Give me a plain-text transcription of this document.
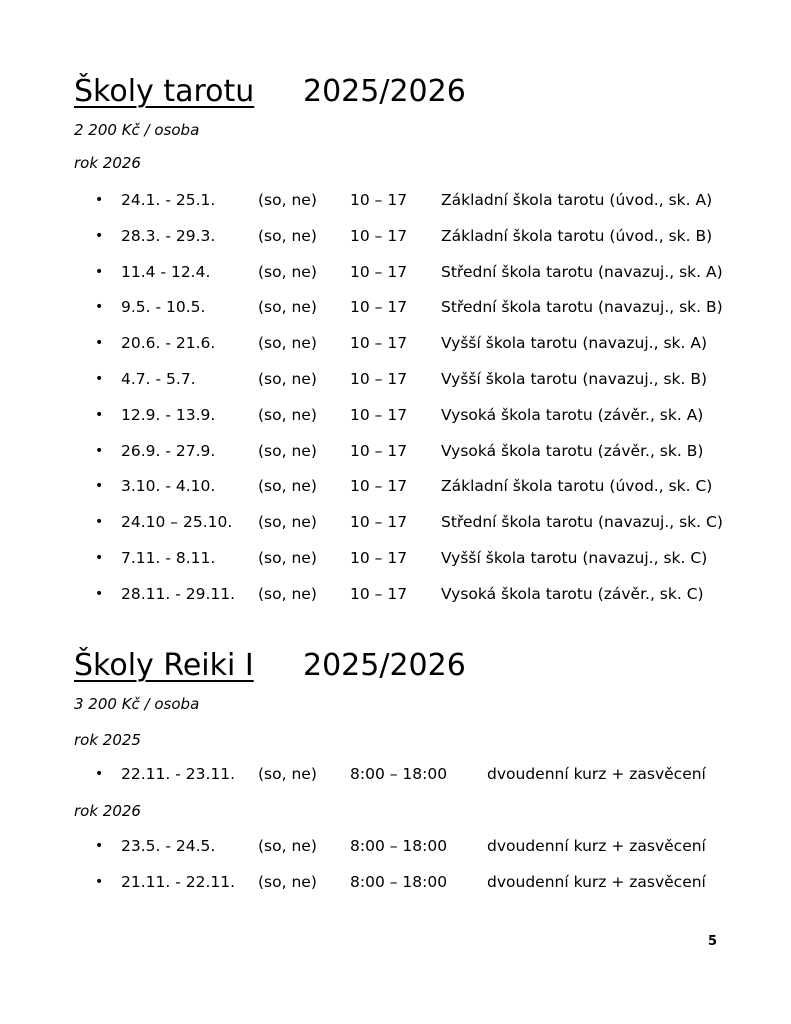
Školy tarotu 2025/2026
2 200 Kč / osoba
rok 2026
• 24.1. - 25.1.	(so, ne) 10 – 17 Základní škola tarotu (úvod., sk. A)
• 28.3. - 29.3.	(so, ne) 10 – 17 Základní škola tarotu (úvod., sk. B)
• 11.4 - 12.4.	(so, ne) 10 – 17 Střední škola tarotu (navazuj., sk. A)
• 9.5. - 10.5.	(so, ne) 10 – 17 Střední škola tarotu (navazuj., sk. B)
• 20.6. - 21.6.	(so, ne) 10 – 17 Vyšší škola tarotu (navazuj., sk. A)
• 4.7. - 5.7.	(so, ne) 10 – 17 Vyšší škola tarotu (navazuj., sk. B)
• 12.9. - 13.9.	(so, ne) 10 – 17 Vysoká škola tarotu (závěr., sk. A)
• 26.9. - 27.9.	(so, ne) 10 – 17 Vysoká škola tarotu (závěr., sk. B)
• 3.10. - 4.10.	(so, ne) 10 – 17 Základní škola tarotu (úvod., sk. C)
• 24.10 – 25.10. (so, ne) 10 – 17 Střední škola tarotu (navazuj., sk. C)
• 7.11. - 8.11.	(so, ne) 10 – 17 Vyšší škola tarotu (navazuj., sk. C)
• 28.11. - 29.11. (so, ne) 10 – 17 Vysoká škola tarotu (závěr., sk. C)
Školy Reiki I 2025/2026
3 200 Kč / osoba
rok 2025
• 22.11. - 23.11. (so, ne) 8:00 – 18:00	dvoudenní kurz + zasvěcení
rok 2026
• 23.5. - 24.5.	(so, ne) 8:00 – 18:00	dvoudenní kurz + zasvěcení
• 21.11. - 22.11. (so, ne) 8:00 – 18:00	dvoudenní kurz + zasvěcení
5
